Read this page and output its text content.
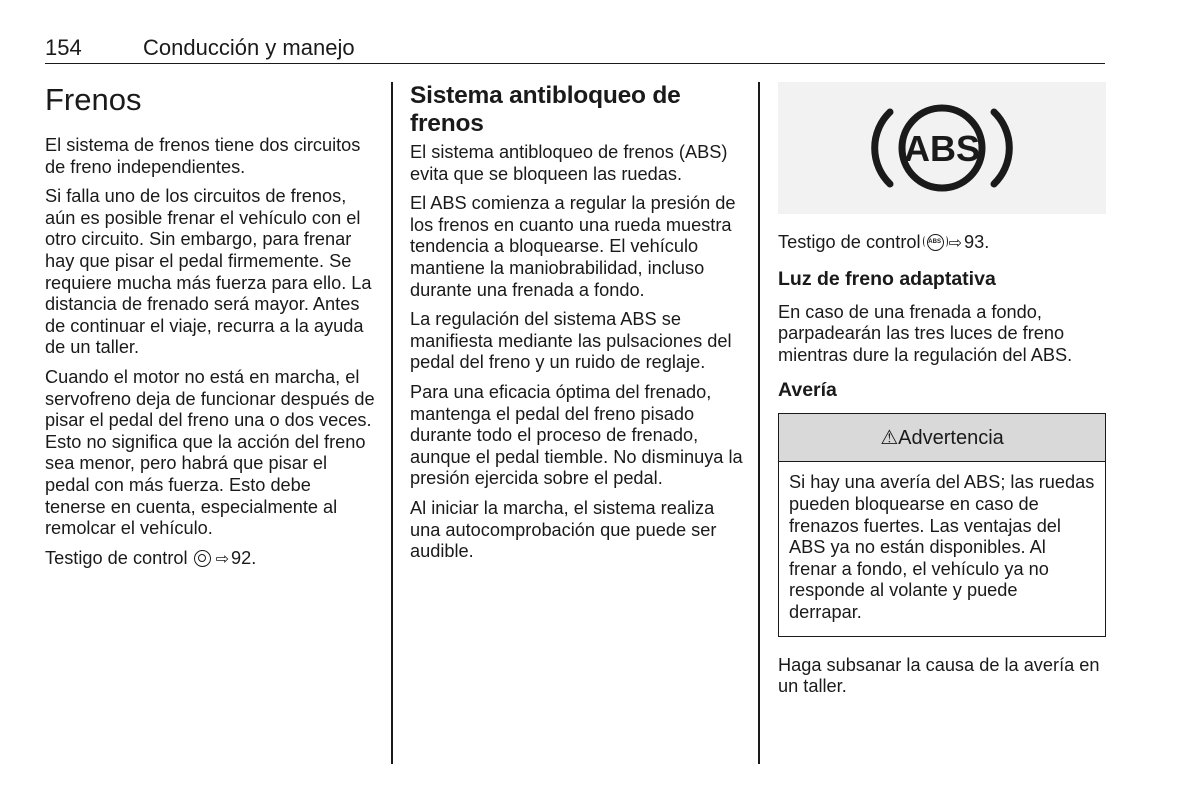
154	Conducción y manejo
Frenos

El sistema de frenos tiene dos circuitos de freno independientes.

Si falla uno de los circuitos de frenos, aún es posible frenar el vehículo con el otro circuito. Sin embargo, para frenar hay que pisar el pedal firmemente. Se requiere mucha más fuerza para ello. La distancia de frenado será mayor. Antes de continuar el viaje, recurra a la ayuda de un taller.

Cuando el motor no está en marcha, el servofreno deja de funcionar después de pisar el pedal del freno una o dos veces. Esto no significa que la acción del freno sea menor, pero habrá que pisar el pedal con más fuerza. Esto debe tenerse en cuenta, especialmente al remolcar el vehículo.

Testigo de control ⇨ 92.

Sistema antibloqueo de frenos

El sistema antibloqueo de frenos (ABS) evita que se bloqueen las ruedas.

El ABS comienza a regular la presión de los frenos en cuanto una rueda muestra tendencia a bloquearse. El vehículo mantiene la maniobrabilidad, incluso durante una frenada a fondo.

La regulación del sistema ABS se manifiesta mediante las pulsaciones del pedal del freno y un ruido de reglaje.

Para una eficacia óptima del frenado, mantenga el pedal del freno pisado durante todo el proceso de frenado, aunque el pedal tiemble. No disminuya la presión ejercida sobre el pedal.

Al iniciar la marcha, el sistema realiza una autocomprobación que puede ser audible.

ABS

Testigo de control ABS ⇨ 93.

Luz de freno adaptativa

En caso de una frenada a fondo, parpadearán las tres luces de freno mientras dure la regulación del ABS.

Avería
⚠Advertencia
Si hay una avería del ABS; las ruedas pueden bloquearse en caso de frenazos fuertes. Las ventajas del ABS ya no están disponibles. Al frenar a fondo, el vehículo ya no responde al volante y puede derrapar.

Haga subsanar la causa de la avería en un taller.
